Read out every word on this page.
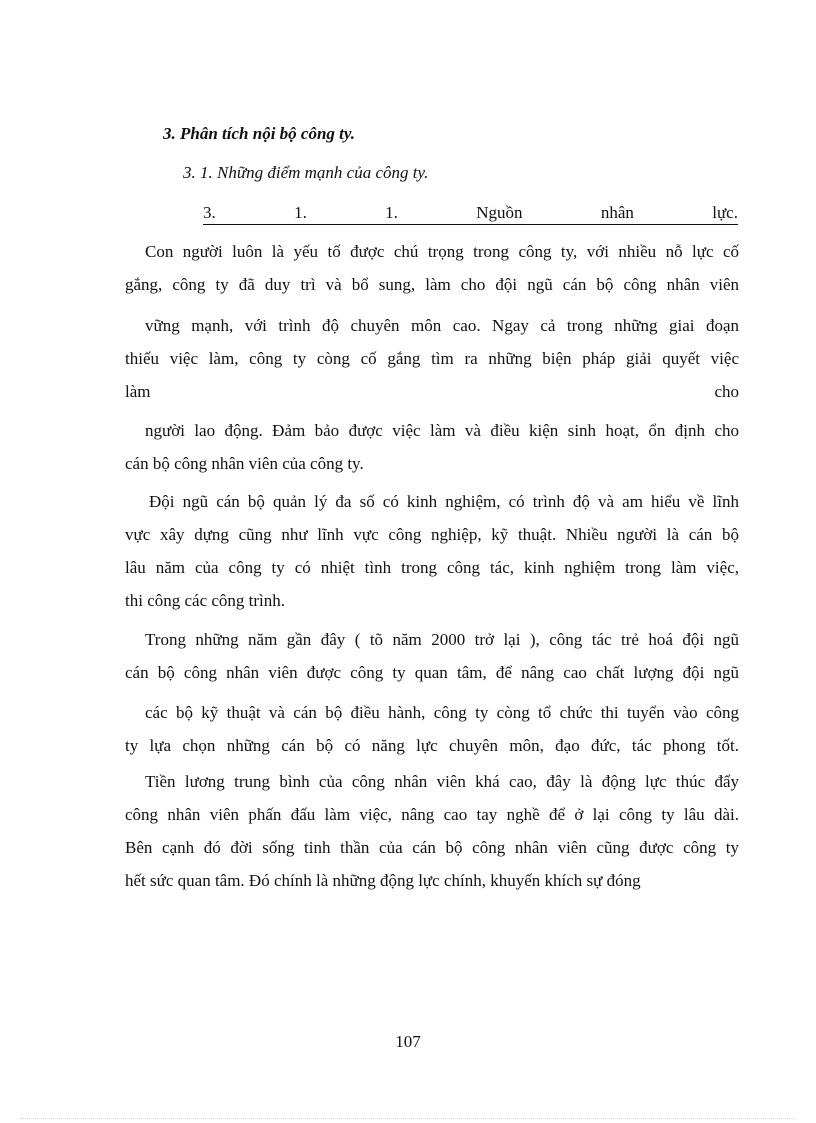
3. Phân tích nội bộ công ty.

3. 1. Những điểm mạnh của công ty.

3.	1.	1.	Nguồn	nhân	lực.

Con người luôn là yếu tố được chú trọng trong công ty, với nhiều nỗ lực cố

gắng, công ty đã duy trì và bổ sung, làm cho đội ngũ cán bộ công nhân viên

vững mạnh, với trình độ chuyên môn cao. Ngay cả trong những giai đoạn

thiếu việc làm, công ty còng cố gắng tìm ra những biện pháp giải quyết việc

làm cho

người lao động. Đảm bảo được việc làm và điều kiện sinh hoạt, ổn định cho

cán bộ công nhân viên của công ty.

Đội ngũ cán bộ quản lý đa số có kinh nghiệm, có trình độ và am hiểu về lĩnh

vực xây dựng cũng như lĩnh vực công nghiệp, kỹ thuật. Nhiều người là cán bộ

lâu năm của công ty có nhiệt tình trong công tác, kinh nghiệm trong làm việc,

thi công các công trình.

Trong những năm gần đây ( tõ năm 2000 trở lại ), công tác trẻ hoá đội ngũ

cán bộ công nhân viên được công ty quan tâm, để nâng cao chất lượng đội ngũ

các bộ kỹ thuật và cán bộ điều hành, công ty còng tổ chức thi tuyển vào công

ty lựa chọn những cán bộ có năng lực chuyên môn, đạo đức, tác phong tốt.

Tiền lương trung bình của công nhân viên khá cao, đây là động lực thúc đẩy

công nhân viên phấn đấu làm việc, nâng cao tay nghề để ở lại công ty lâu dài.

Bên cạnh đó đời sống tinh thần của cán bộ công nhân viên cũng được công ty

hết sức quan tâm. Đó chính là những động lực chính, khuyến khích sự đóng

107
